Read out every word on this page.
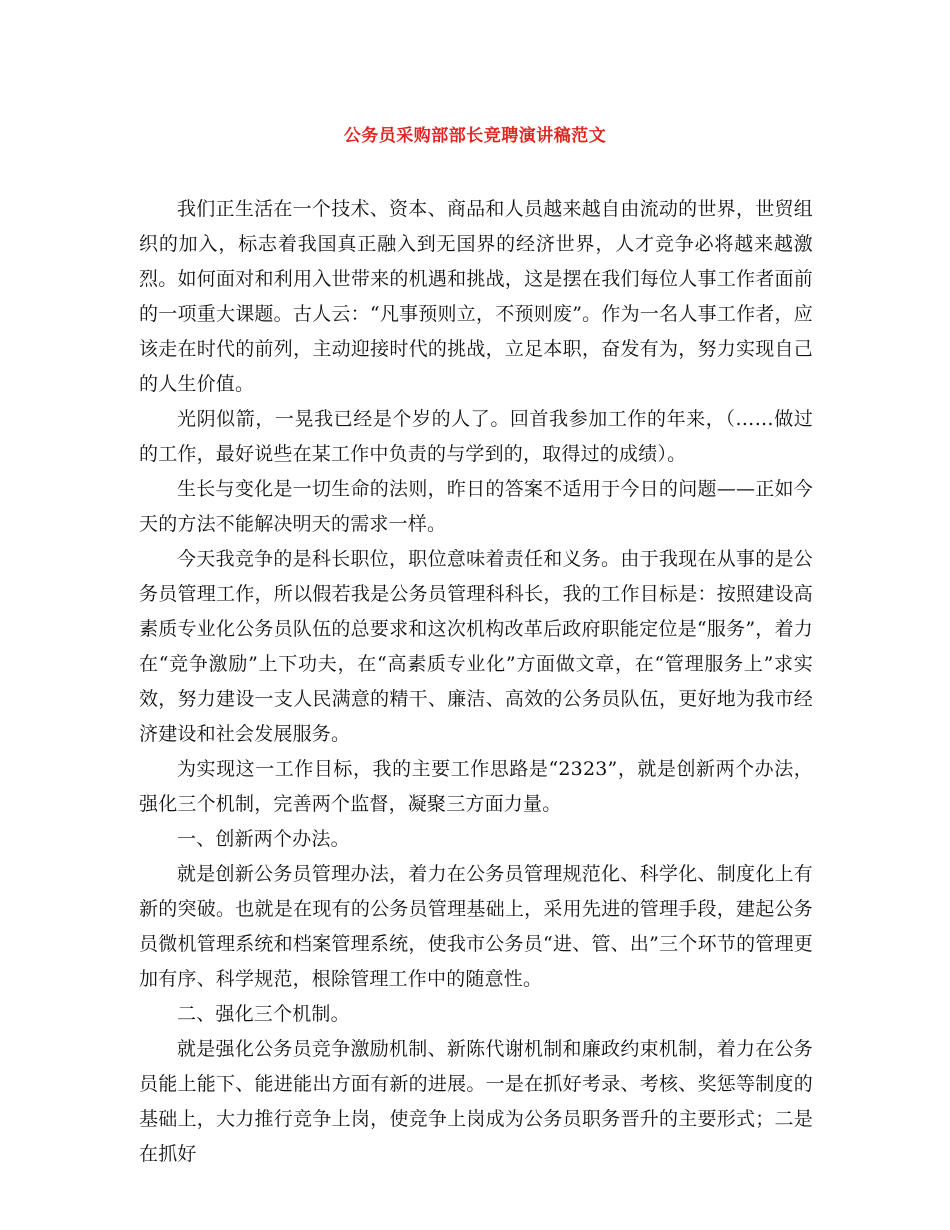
公务员采购部部长竞聘演讲稿范文

我们正生活在一个技术、资本、商品和人员越来越自由流动的世界，世贸组织的加入，标志着我国真正融入到无国界的经济世界，人才竞争必将越来越激烈。如何面对和利用入世带来的机遇和挑战，这是摆在我们每位人事工作者面前的一项重大课题。古人云：“凡事预则立，不预则废”。作为一名人事工作者，应该走在时代的前列，主动迎接时代的挑战，立足本职，奋发有为，努力实现自己的人生价值。

光阴似箭，一晃我已经是个岁的人了。回首我参加工作的年来，（……做过的工作，最好说些在某工作中负责的与学到的，取得过的成绩）。

生长与变化是一切生命的法则，昨日的答案不适用于今日的问题——正如今天的方法不能解决明天的需求一样。

今天我竞争的是科长职位，职位意味着责任和义务。由于我现在从事的是公务员管理工作，所以假若我是公务员管理科科长，我的工作目标是：按照建设高素质专业化公务员队伍的总要求和这次机构改革后政府职能定位是“服务”，着力在“竞争激励”上下功夫，在“高素质专业化”方面做文章，在“管理服务上”求实效，努力建设一支人民满意的精干、廉洁、高效的公务员队伍，更好地为我市经济建设和社会发展服务。

为实现这一工作目标，我的主要工作思路是“2323”，就是创新两个办法，强化三个机制，完善两个监督，凝聚三方面力量。

一、创新两个办法。

就是创新公务员管理办法，着力在公务员管理规范化、科学化、制度化上有新的突破。也就是在现有的公务员管理基础上，采用先进的管理手段，建起公务员微机管理系统和档案管理系统，使我市公务员“进、管、出”三个环节的管理更加有序、科学规范，根除管理工作中的随意性。

二、强化三个机制。

就是强化公务员竞争激励机制、新陈代谢机制和廉政约束机制，着力在公务员能上能下、能进能出方面有新的进展。一是在抓好考录、考核、奖惩等制度的基础上，大力推行竞争上岗，使竞争上岗成为公务员职务晋升的主要形式；二是在抓好
